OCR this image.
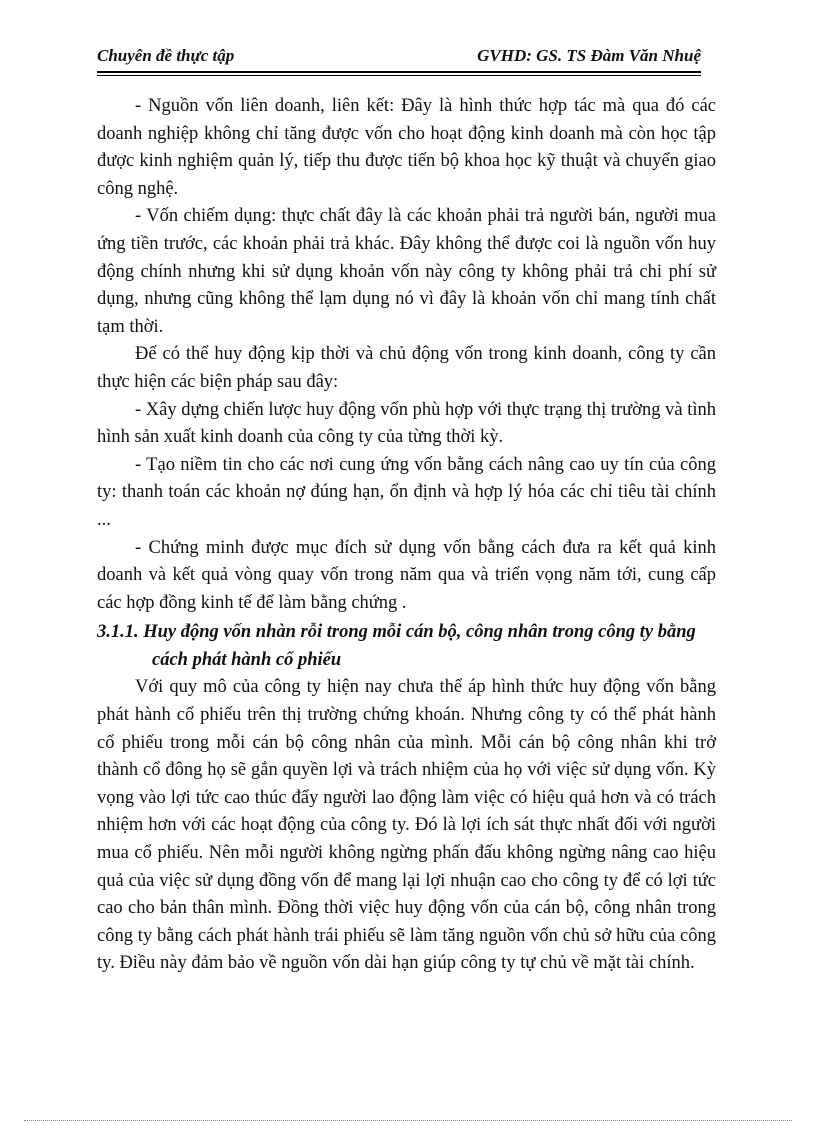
Chuyên đề thực tập	GVHD: GS. TS Đàm Văn Nhuệ

- Nguồn vốn liên doanh, liên kết: Đây là hình thức hợp tác mà qua đó các doanh nghiệp không chỉ tăng được vốn cho hoạt động kinh doanh mà còn học tập được kinh nghiệm quản lý, tiếp thu được tiến bộ khoa học kỹ thuật và chuyển giao công nghệ.

- Vốn chiếm dụng: thực chất đây là các khoản phải trả người bán, người mua ứng tiền trước, các khoản phải trả khác. Đây không thể được coi là nguồn vốn huy động chính nhưng khi sử dụng khoản vốn này công ty không phải trả chi phí sử dụng, nhưng cũng không thể lạm dụng nó vì đây là khoản vốn chỉ mang tính chất tạm thời.

Để có thể huy động kịp thời và chủ động vốn trong kinh doanh, công ty cần thực hiện các biện pháp sau đây:

- Xây dựng chiến lược huy động vốn phù hợp với thực trạng thị trường và tình hình sản xuất kinh doanh của công ty của từng thời kỳ.

- Tạo niềm tin cho các nơi cung ứng vốn bằng cách nâng cao uy tín của công ty: thanh toán các khoản nợ đúng hạn, ổn định và hợp lý hóa các chỉ tiêu tài chính ...

- Chứng minh được mục đích sử dụng vốn bằng cách đưa ra kết quả kinh doanh và kết quả vòng quay vốn trong năm qua và triển vọng năm tới, cung cấp các hợp đồng kinh tế để làm bằng chứng .

3.1.1. Huy động vốn nhàn rỗi trong mỗi cán bộ, công nhân trong công ty bằng cách phát hành cổ phiếu

Với quy mô của công ty hiện nay chưa thể áp hình thức huy động vốn bằng phát hành cổ phiếu trên thị trường chứng khoán. Nhưng công ty có thể phát hành cổ phiếu trong mỗi cán bộ công nhân của mình. Mỗi cán bộ công nhân khi trở thành cổ đông họ sẽ gắn quyền lợi và trách nhiệm của họ với việc sử dụng vốn. Kỳ vọng vào lợi tức cao thúc đẩy người lao động làm việc có hiệu quả hơn và có trách nhiệm hơn với các hoạt động của công ty. Đó là lợi ích sát thực nhất đối với người mua cổ phiếu. Nên mỗi người không ngừng phấn đấu không ngừng nâng cao hiệu quả của việc sử dụng đồng vốn để mang lại lợi nhuận cao cho công ty để có lợi tức cao cho bản thân mình. Đồng thời việc huy động vốn của cán bộ, công nhân trong công ty bằng cách phát hành trái phiếu sẽ làm tăng nguồn vốn chủ sở hữu của công ty. Điều này đảm bảo về nguồn vốn dài hạn giúp công ty tự chủ về mặt tài chính.
